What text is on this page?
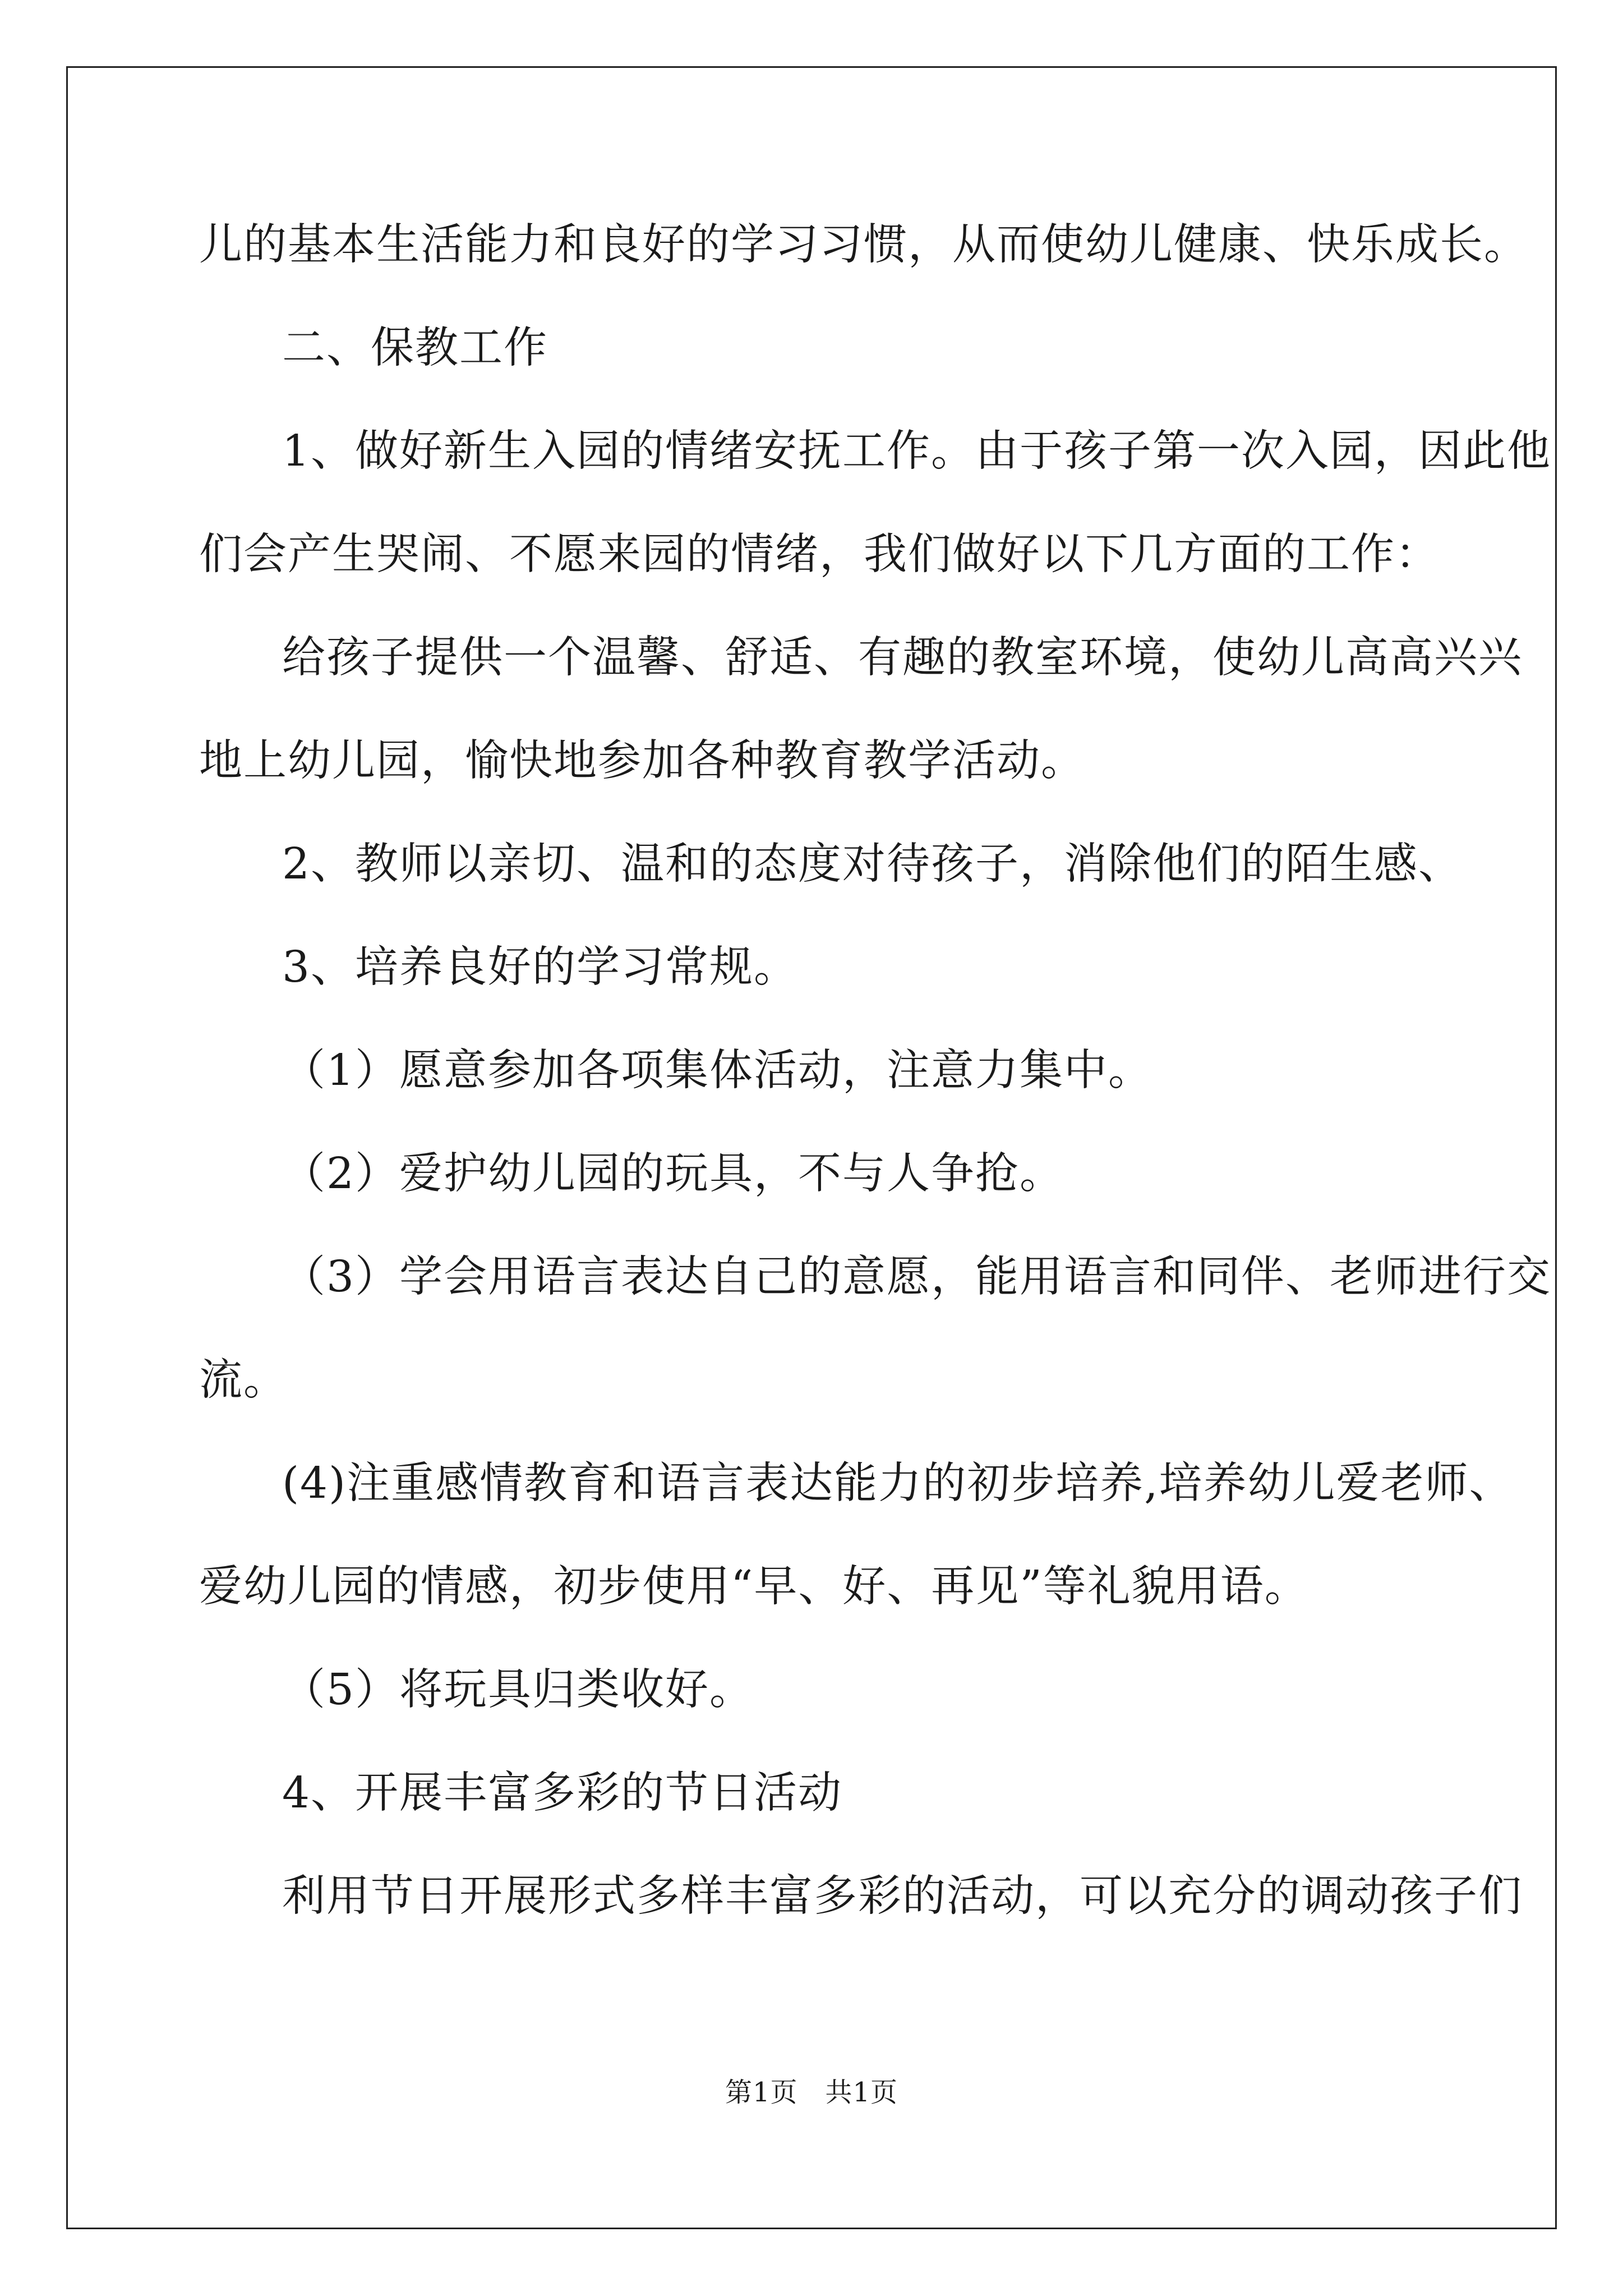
儿的基本生活能力和良好的学习习惯，从而使幼儿健康、快乐成长。

二、保教工作

1、做好新生入园的情绪安抚工作。由于孩子第一次入园，因此他

们会产生哭闹、不愿来园的情绪，我们做好以下几方面的工作：

给孩子提供一个温馨、舒适、有趣的教室环境，使幼儿高高兴兴

地上幼儿园，愉快地参加各种教育教学活动。

2、教师以亲切、温和的态度对待孩子，消除他们的陌生感、

3、培养良好的学习常规。

（1）愿意参加各项集体活动，注意力集中。

（2）爱护幼儿园的玩具，不与人争抢。

（3）学会用语言表达自己的意愿，能用语言和同伴、老师进行交

流。

(4)注重感情教育和语言表达能力的初步培养,培养幼儿爱老师、

爱幼儿园的情感，初步使用“早、好、再见”等礼貌用语。

（5）将玩具归类收好。

4、开展丰富多彩的节日活动

利用节日开展形式多样丰富多彩的活动，可以充分的调动孩子们

第1页　共1页
